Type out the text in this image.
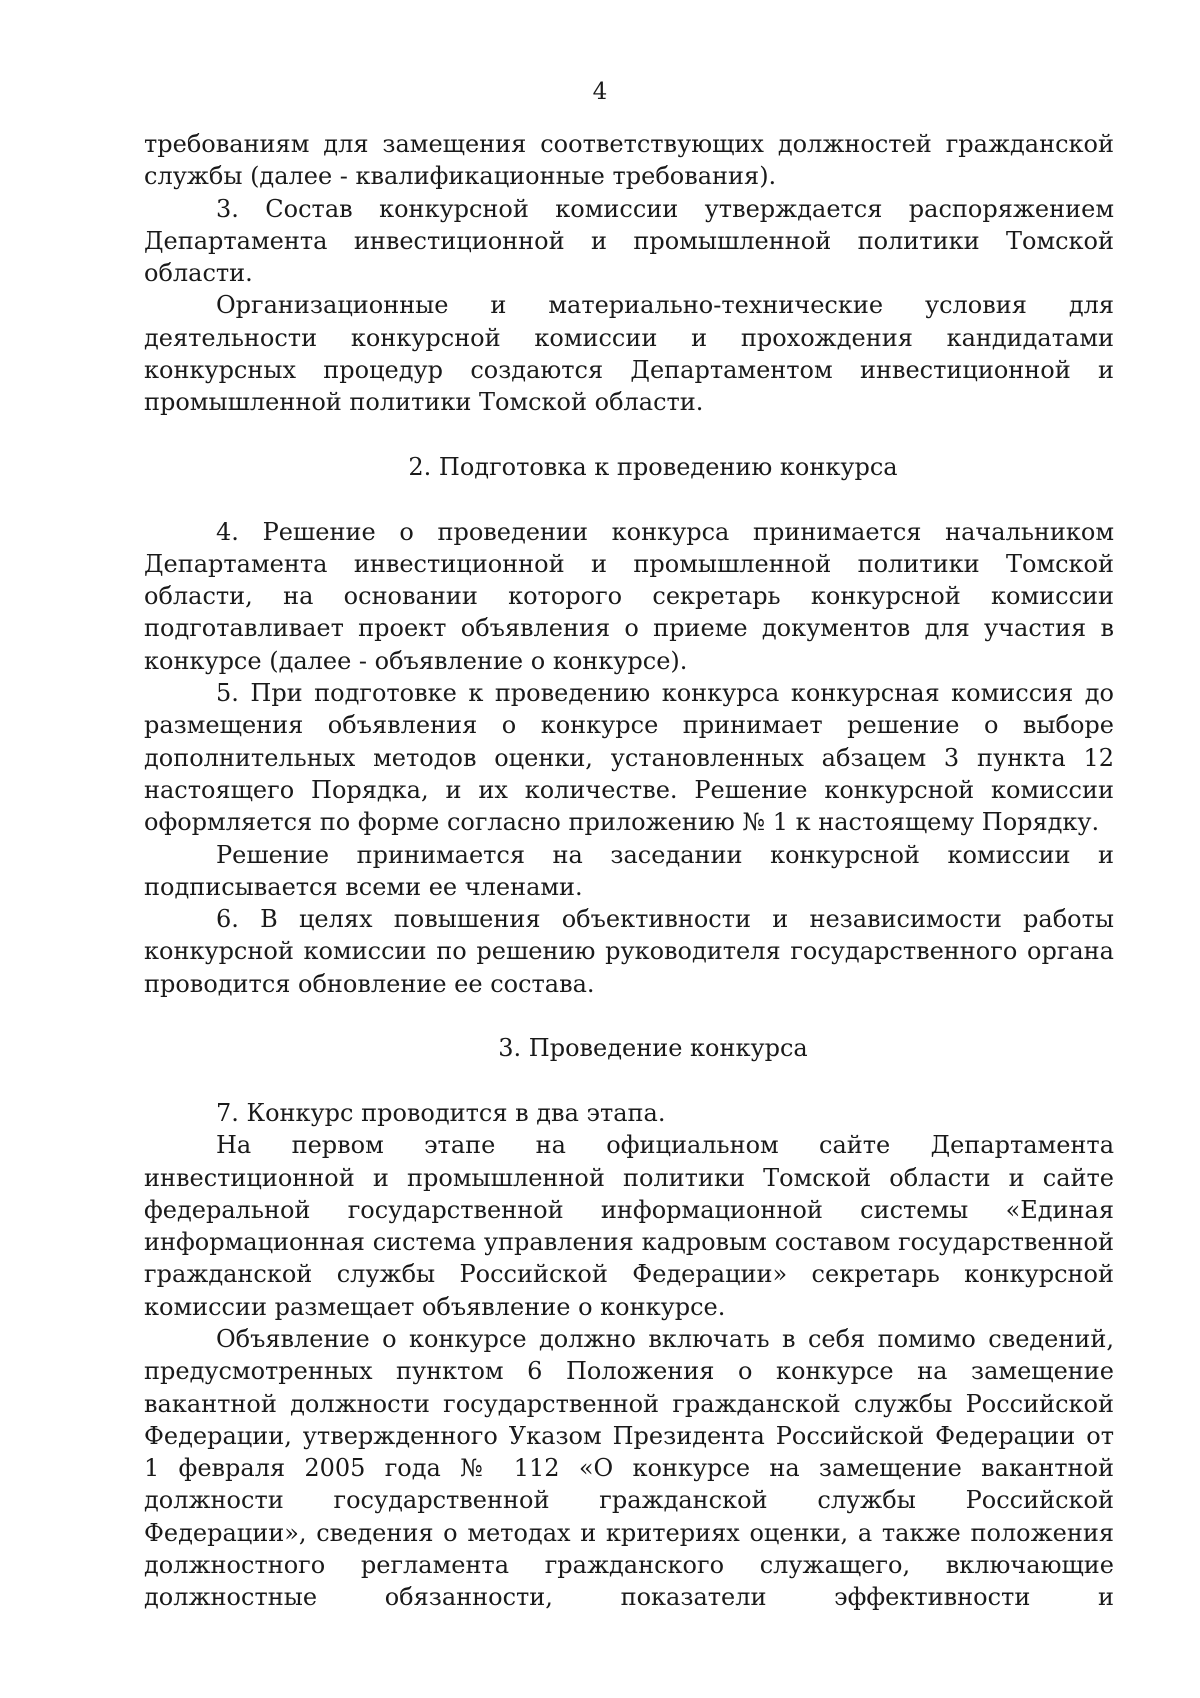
4

требованиям для замещения соответствующих должностей гражданской службы (далее - квалификационные требования).

3. Состав конкурсной комиссии утверждается распоряжением Департамента инвестиционной и промышленной политики Томской области.

Организационные и материально-технические условия для деятельности конкурсной комиссии и прохождения кандидатами конкурсных процедур создаются Департаментом инвестиционной и промышленной политики Томской области.

2. Подготовка к проведению конкурса

4. Решение о проведении конкурса принимается начальником Департамента инвестиционной и промышленной политики Томской области, на основании которого секретарь конкурсной комиссии подготавливает проект объявления о приеме документов для участия в конкурсе (далее - объявление о конкурсе).

5. При подготовке к проведению конкурса конкурсная комиссия до размещения объявления о конкурсе принимает решение о выборе дополнительных методов оценки, установленных абзацем 3 пункта 12 настоящего Порядка, и их количестве. Решение конкурсной комиссии оформляется по форме согласно приложению № 1 к настоящему Порядку.

Решение принимается на заседании конкурсной комиссии и подписывается всеми ее членами.

6. В целях повышения объективности и независимости работы конкурсной комиссии по решению руководителя государственного органа проводится обновление ее состава.

3. Проведение конкурса

7. Конкурс проводится в два этапа.

На первом этапе на официальном сайте Департамента инвестиционной и промышленной политики Томской области и сайте федеральной государственной информационной системы «Единая информационная система управления кадровым составом государственной гражданской службы Российской Федерации» секретарь конкурсной комиссии размещает объявление о конкурсе.

Объявление о конкурсе должно включать в себя помимо сведений, предусмотренных пунктом 6 Положения о конкурсе на замещение вакантной должности государственной гражданской службы Российской Федерации, утвержденного Указом Президента Российской Федерации от 1 февраля 2005 года № 112 «О конкурсе на замещение вакантной должности государственной гражданской службы Российской Федерации», сведения о методах и критериях оценки, а также положения должностного регламента гражданского служащего, включающие должностные обязанности, показатели эффективности и
